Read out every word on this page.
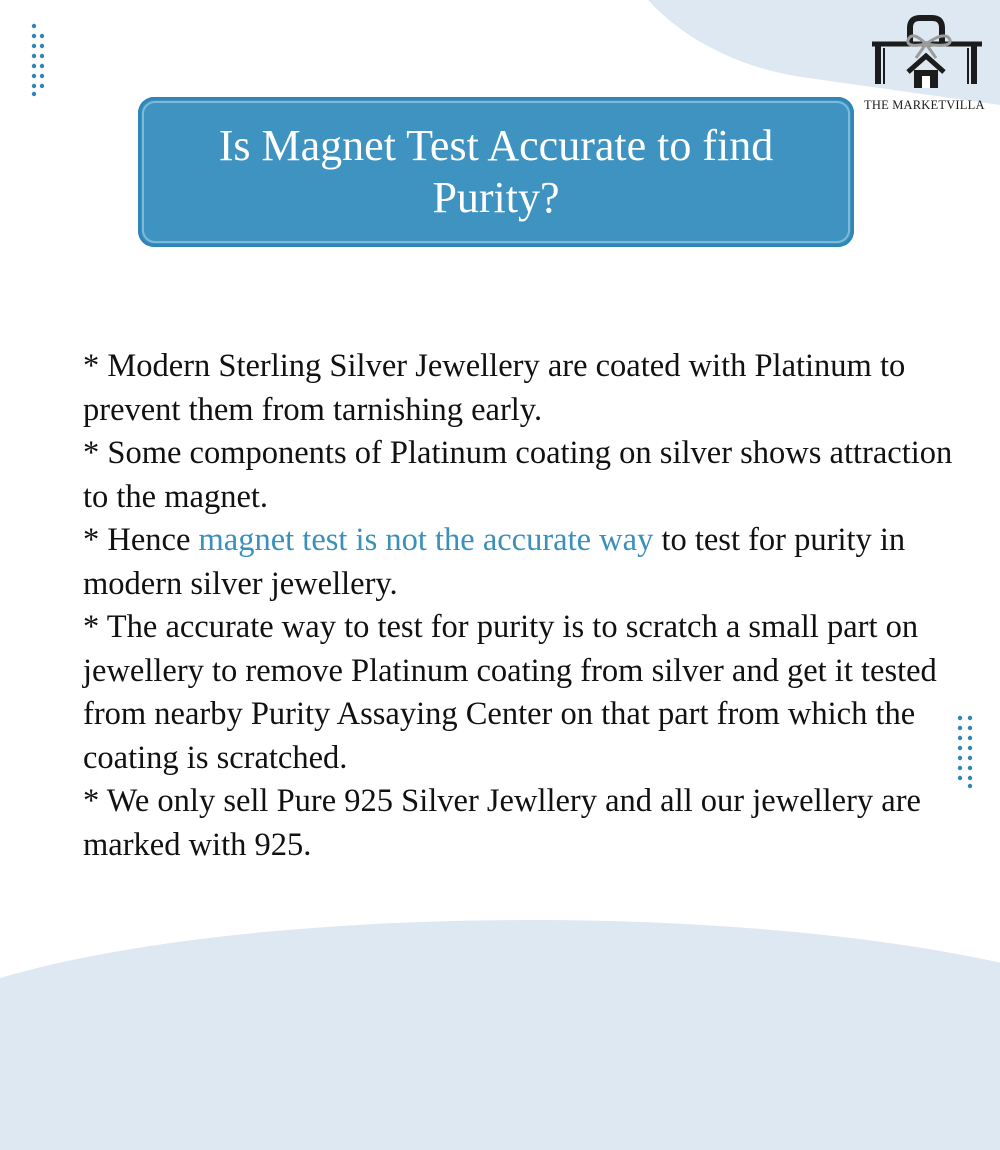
THE MARKETVILLA
Is Magnet Test Accurate to find
Purity?

* Modern Sterling Silver Jewellery are coated with Platinum to prevent them from tarnishing early.

* Some components of Platinum coating on silver shows attraction to the magnet.

* Hence magnet test is not the accurate way to test for purity in modern silver jewellery.

* The accurate way to test for purity is to scratch a small part on jewellery to remove Platinum coating from silver and get it tested from nearby Purity Assaying Center on that part from which the coating is scratched.

* We only sell Pure 925 Silver Jewllery and all our jewellery are marked with 925.
